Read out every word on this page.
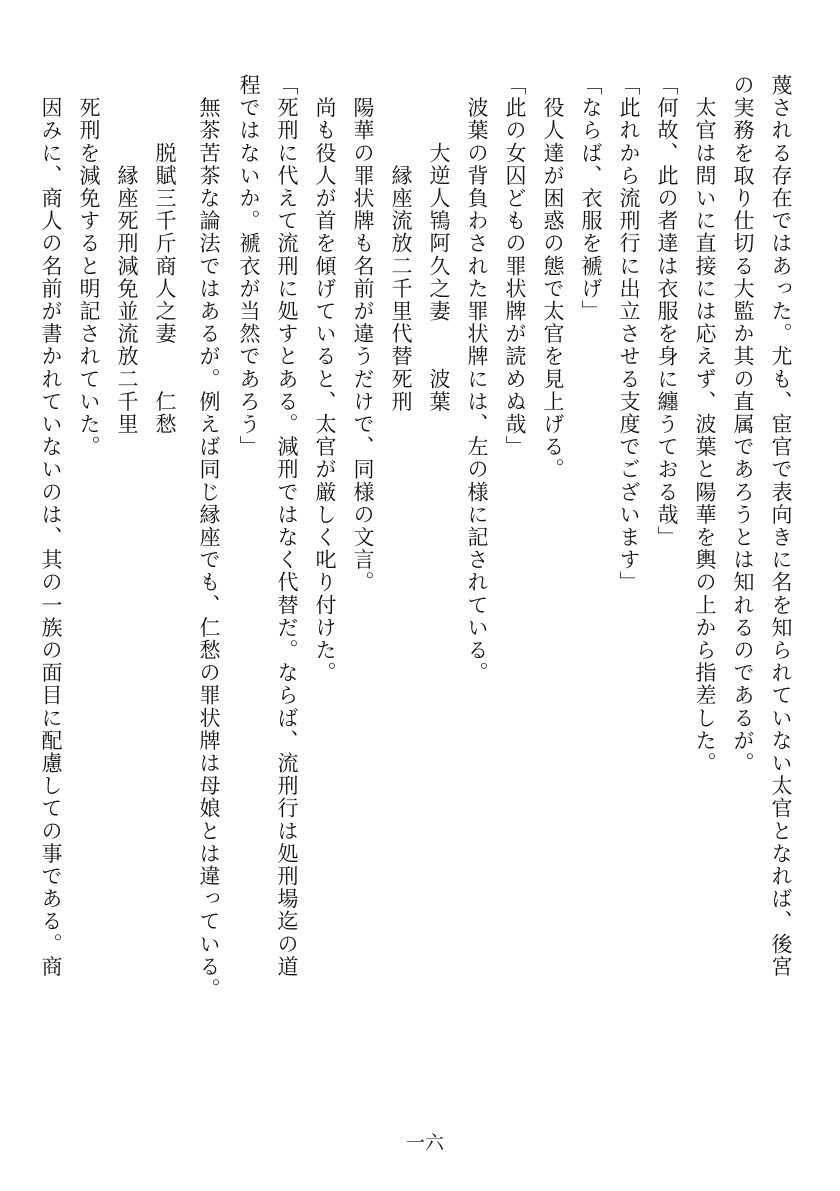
蔑される存在ではあった。尤も、宦官で表向きに名を知られていない太官となれば、後宮
の実務を取り仕切る大監か其の直属であろうとは知れるのであるが。
　太官は問いに直接には応えず、波葉と陽華を輿の上から指差した。
「何故、此の者達は衣服を身に纏うておる哉」
「此れから流刑行に出立させる支度でございます」
「ならば、衣服を褫げ」
　役人達が困惑の態で太官を見上げる。
「此の女囚どもの罪状牌が読めぬ哉」
　波葉の背負わされた罪状牌には、左の様に記されている。
　　　大逆人鴇阿久之妻　　波葉
　　　　縁座流放二千里代替死刑
　陽華の罪状牌も名前が違うだけで、同様の文言。
　尚も役人が首を傾げていると、太官が厳しく叱り付けた。
「死刑に代えて流刑に処すとある。減刑ではなく代替だ。ならば、流刑行は処刑場迄の道
程ではないか。褫衣が当然であろう」
　無茶苦茶な論法ではあるが。例えば同じ縁座でも、仁愁の罪状牌は母娘とは違っている。
　　　脱賦三千斤商人之妻　　仁愁
　　　　縁座死刑減免並流放二千里
　死刑を減免すると明記されていた。
　因みに、商人の名前が書かれていないのは、其の一族の面目に配慮しての事である。商
一六
